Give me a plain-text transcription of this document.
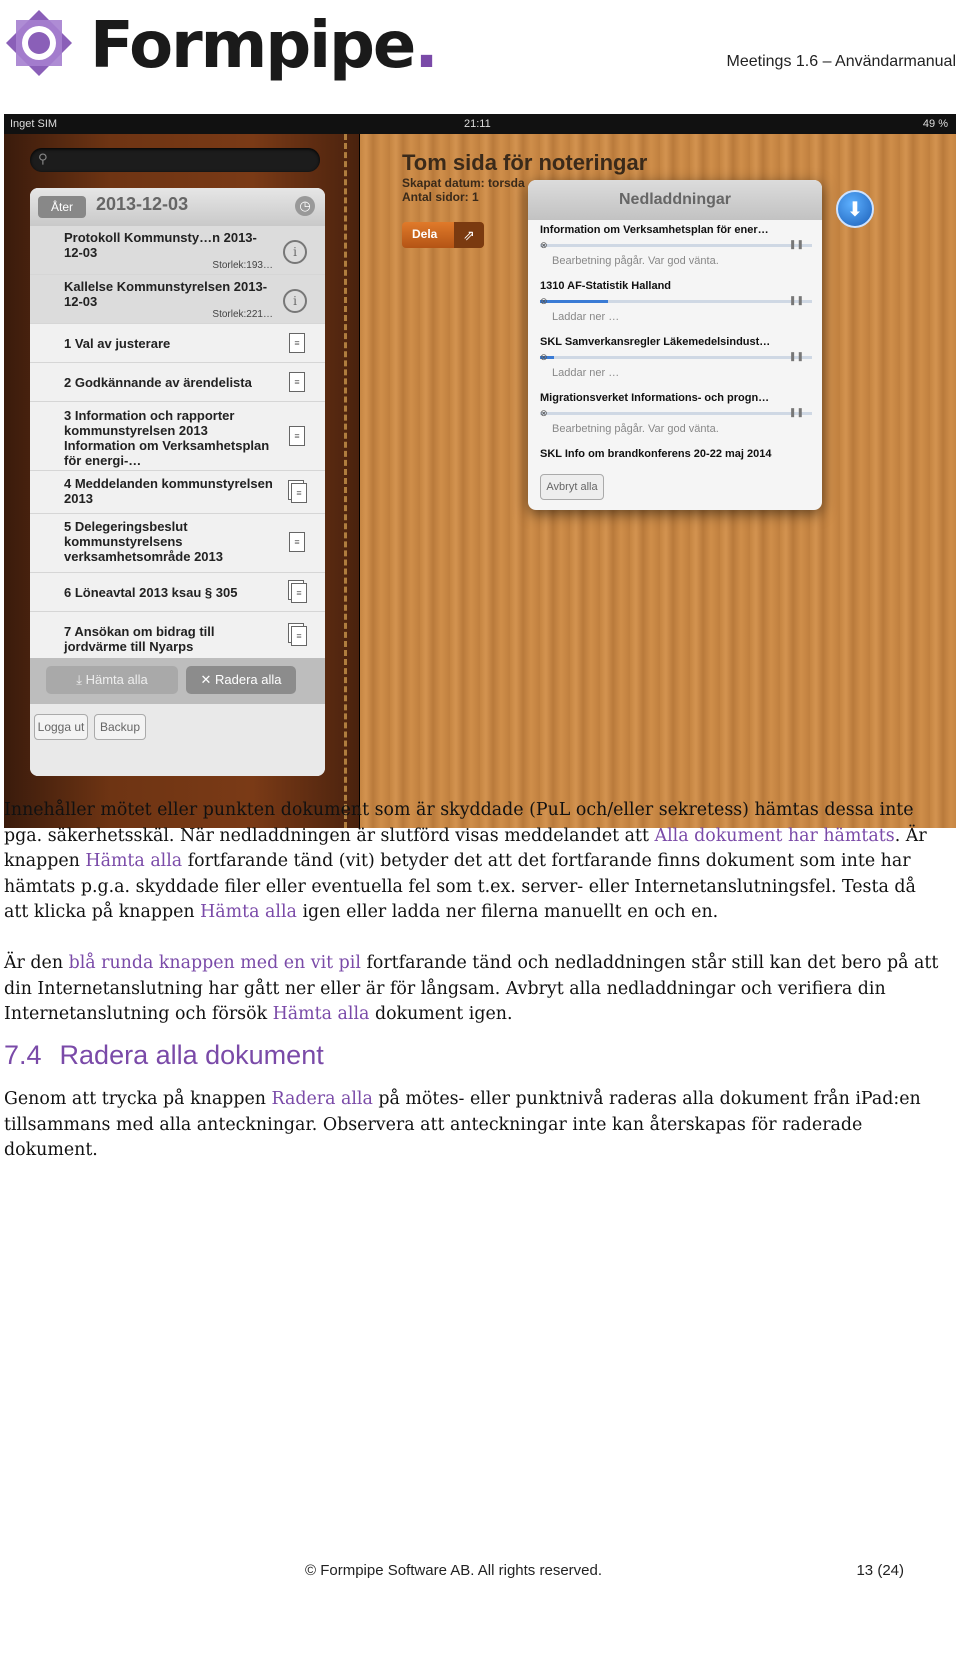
Formpipe.	Meetings 1.6 – Användarmanual
Inget SIM	21:11	49 %
⚲
Åter	2013-12-03	◷
Protokoll Kommunsty…n 2013-12-03
Storlek:193…
i
Kallelse Kommunstyrelsen 2013-12-03
Storlek:221…
i
1 Val av justerare	≡
2 Godkännande av ärendelista	≡
3 Information och rapporter kommunstyrelsen 2013 Information om Verksamhetsplan för energi-…
≡
4 Meddelanden kommunstyrelsen 2013	≡
5 Delegeringsbeslut kommunstyrelsens verksamhetsområde 2013
≡
6 Löneavtal 2013 ksau § 305	≡
7 Ansökan om bidrag till jordvärme till Nyarps
≡
⤓ Hämta alla	✕ Radera alla
Logga ut	Backup
Tom sida för noteringar
Skapat datum: torsda
Antal sidor: 1
Dela	⇗
Nedladdningar
Information om Verksamhetsplan för ener…
⊗	❚❚
Bearbetning pågår. Var god vänta.
1310 AF-Statistik Halland
⊗	❚❚
Laddar ner …
SKL Samverkansregler Läkemedelsindust…
⊗	❚❚
Laddar ner …
Migrationsverket Informations- och progn…
⊗	❚❚
Bearbetning pågår. Var god vänta.
SKL Info om brandkonferens 20-22 maj 2014
Avbryt alla
⬇

Innehåller mötet eller punkten dokument som är skyddade (PuL och/eller sekretess) hämtas dessa inte pga. säkerhetsskäl. När nedladdningen är slutförd visas meddelandet att Alla dokument har hämtats. Är knappen Hämta alla fortfarande tänd (vit) betyder det att det fortfarande finns dokument som inte har hämtats p.g.a. skyddade filer eller eventuella fel som t.ex. server- eller Internetanslutningsfel. Testa då att klicka på knappen Hämta alla igen eller ladda ner filerna manuellt en och en.

Är den blå runda knappen med en vit pil fortfarande tänd och nedladdningen står still kan det bero på att din Internetanslutning har gått ner eller är för långsam. Avbryt alla nedladdningar och verifiera din Internetanslutning och försök Hämta alla dokument igen.

7.4 Radera alla dokument

Genom att trycka på knappen Radera alla på mötes- eller punktnivå raderas alla dokument från iPad:en tillsammans med alla anteckningar. Observera att anteckningar inte kan återskapas för raderade dokument.

© Formpipe Software AB. All rights reserved.	13 (24)
